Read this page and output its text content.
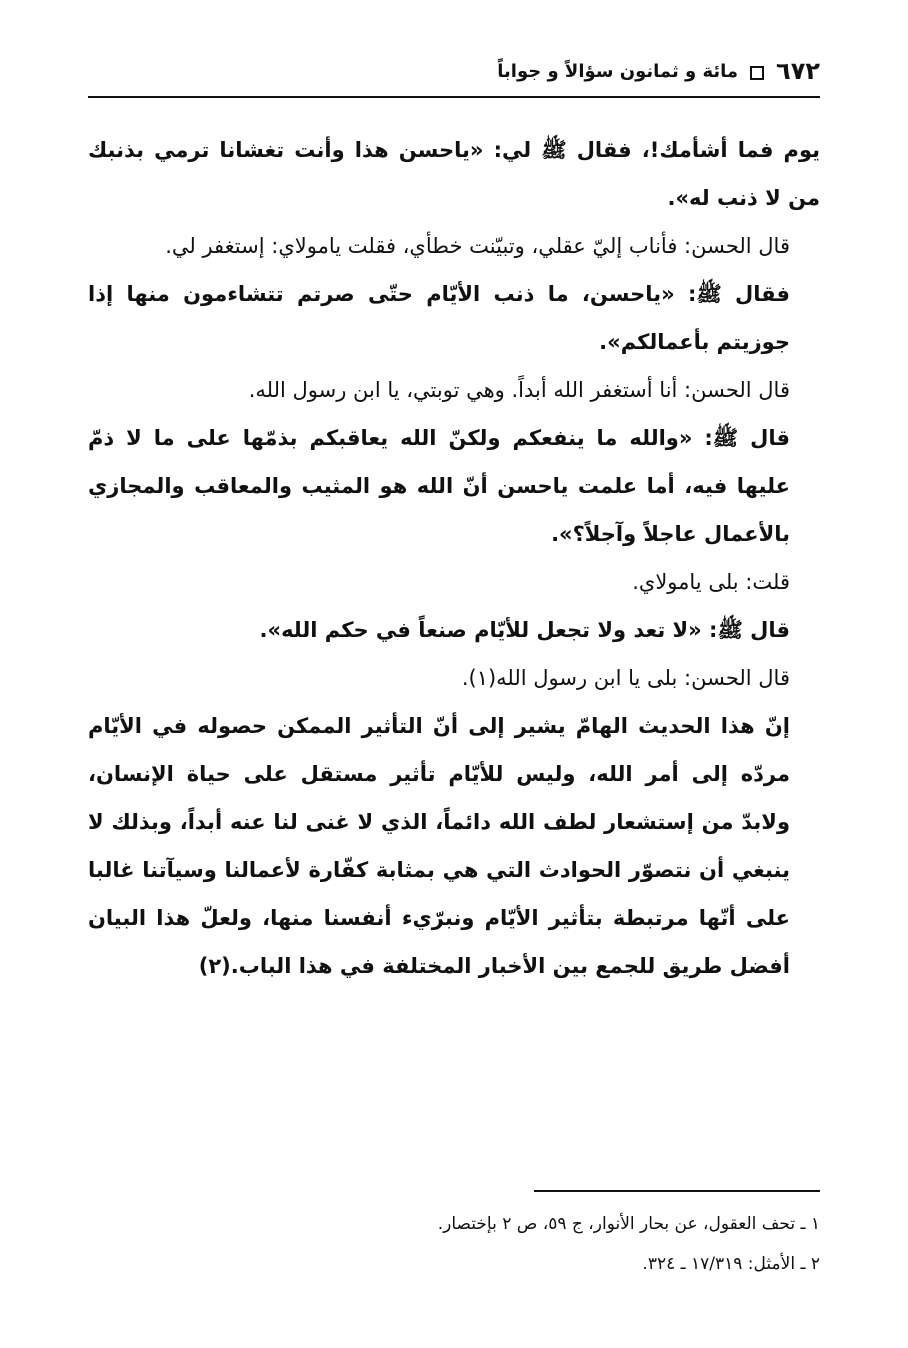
٦٧٢
مائة و ثمانون سؤالاً و جواباً

يوم فما أشأمك!، فقال ﷺ لي: «ياحسن هذا وأنت تغشانا ترمي بذنبك من لا ذنب له».

قال الحسن: فأناب إليّ عقلي، وتبيّنت خطأي، فقلت يامولاي: إستغفر لي.

فقال ﷺ: «ياحسن، ما ذنب الأيّام حتّى صرتم تتشاءمون منها إذا جوزيتم بأعمالكم».

قال الحسن: أنا أستغفر الله أبداً. وهي توبتي، يا ابن رسول الله.

قال ﷺ: «والله ما ينفعكم ولكنّ الله يعاقبكم بذمّها على ما لا ذمّ عليها فيه، أما علمت ياحسن أنّ الله هو المثيب والمعاقب والمجازي بالأعمال عاجلاً وآجلاً؟».

قلت: بلى يامولاي.

قال ﷺ: «لا تعد ولا تجعل للأيّام صنعاً في حكم الله».

قال الحسن: بلى يا ابن رسول الله(١).

إنّ هذا الحديث الهامّ يشير إلى أنّ التأثير الممكن حصوله في الأيّام مردّه إلى أمر الله، وليس للأيّام تأثير مستقل على حياة الإنسان، ولابدّ من إستشعار لطف الله دائماً، الذي لا غنى لنا عنه أبداً، وبذلك لا ينبغي أن نتصوّر الحوادث التي هي بمثابة كفّارة لأعمالنا وسيآتنا غالبا على أنّها مرتبطة بتأثير الأيّام ونبرّيء أنفسنا منها، ولعلّ هذا البيان أفضل طريق للجمع بين الأخبار المختلفة في هذا الباب.(٢)

١ ـ تحف العقول، عن بحار الأنوار، ج ٥٩، ص ٢ بإختصار.

٢ ـ الأمثل: ١٧/٣١٩ ـ ٣٢٤.
